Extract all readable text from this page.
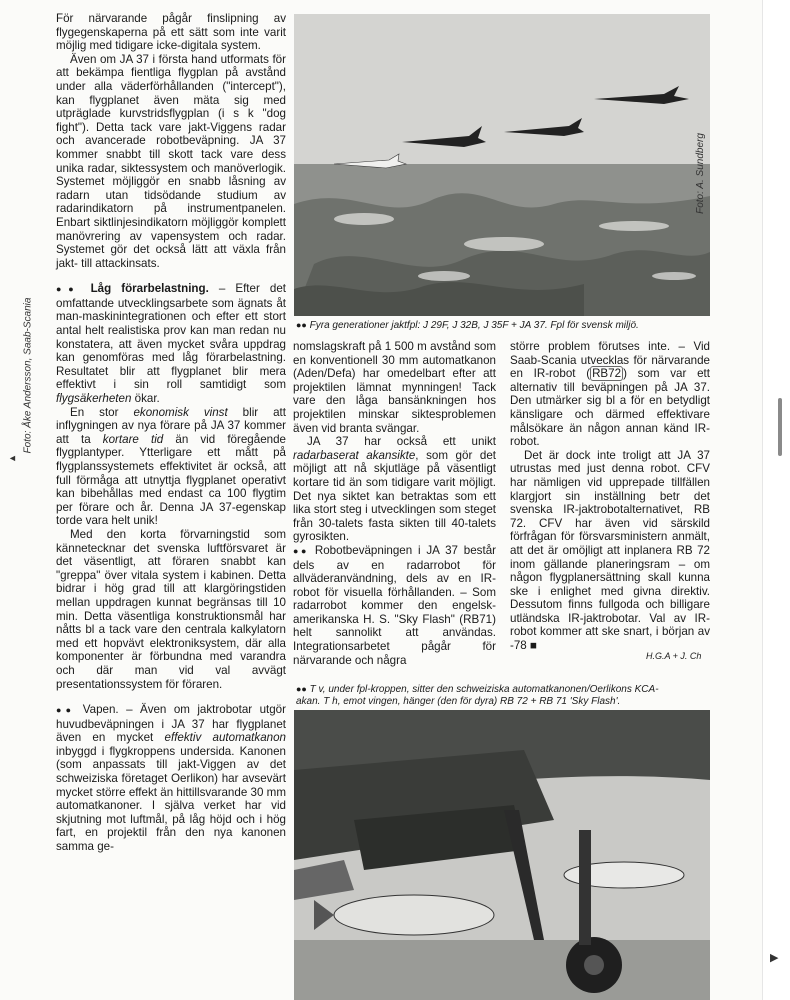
Foto: Åke Andersson, Saab-Scania
◄

För närvarande pågår finslipning av flygegenskaperna på ett sätt som inte varit möjlig med tidigare icke-digitala system.

Även om JA 37 i första hand utformats för att bekämpa fientliga flygplan på avstånd under alla väderförhållanden ("intercept"), kan flygplanet även mäta sig med utpräglade kurvstridsflygplan (i s k "dog fight"). Detta tack vare jakt-Viggens radar och avancerade robotbeväpning. JA 37 kommer snabbt till skott tack vare dess unika radar, siktessystem och manöverlogik. Systemet möjliggör en snabb låsning av radarn utan tidsödande studium av radarindikatorn på instrumentpanelen. Enbart siktlinjesindikatorn möjliggör komplett manövrering av vapensystem och radar. Systemet gör det också lätt att växla från jakt- till attackinsats.

●● Låg förarbelastning. – Efter det omfattande utvecklingsarbete som ägnats åt man-maskinintegrationen och efter ett stort antal helt realistiska prov kan man redan nu konstatera, att även mycket svåra uppdrag kan genomföras med låg förarbelastning. Resultatet blir att flygplanet blir mera effektivt i sin roll samtidigt som flygsäkerheten ökar.

En stor ekonomisk vinst blir att inflygningen av nya förare på JA 37 kommer att ta kortare tid än vid föregående flygplantyper. Ytterligare ett mått på flygplanssystemets effektivitet är också, att full förmåga att utnyttja flygplanet operativt kan bibehållas med endast ca 100 flygtim per förare och år. Denna JA 37-egenskap torde vara helt unik!

Med den korta förvarningstid som kännetecknar det svenska luftförsvaret är det väsentligt, att föraren snabbt kan "greppa" över vitala system i kabinen. Detta bidrar i hög grad till att klargöringstiden mellan uppdragen kunnat begränsas till 10 min. Detta väsentliga konstruktionsmål har nåtts bl a tack vare den centrala kalkylatorn med ett hopvävt elektroniksystem, där alla komponenter är förbundna med varandra och där man vid val avvägt presentationssystem för föraren.

●● Vapen. – Även om jaktrobotar utgör huvudbeväpningen i JA 37 har flygplanet även en mycket effektiv automatkanon inbyggd i flygkroppens undersida. Kanonen (som anpassats till jakt-Viggen av det schweiziska företaget Oerlikon) har avsevärt mycket större effekt än hittillsvarande 30 mm automatkanoner. I själva verket har vid skjutning mot luftmål, på låg höjd och i hög fart, en projektil från den nya kanonen samma ge-

Foto: A. Sundberg
●● Fyra generationer jaktfpl: J 29F, J 32B, J 35F + JA 37. Fpl för svensk miljö.

nomslagskraft på 1 500 m avstånd som en konventionell 30 mm automatkanon (Aden/Defa) har omedelbart efter att projektilen lämnat mynningen! Tack vare den låga bansänkningen hos projektilen minskar siktesproblemen även vid branta svängar.

JA 37 har också ett unikt radarbaserat akansikte, som gör det möjligt att nå skjutläge på väsentligt kortare tid än som tidigare varit möjligt. Det nya siktet kan betraktas som ett lika stort steg i utvecklingen som steget från 30-talets fasta sikten till 40-talets gyrosikten.

●● Robotbeväpningen i JA 37 består dels av en radarrobot för allväderanvändning, dels av en IR-robot för visuella förhållanden. – Som radarrobot kommer den engelsk-amerikanska H. S. "Sky Flash" (RB71) helt sannolikt att användas. Integrationsarbetet pågår för närvarande och några

större problem förutses inte. – Vid Saab-Scania utvecklas för närvarande en IR-robot ( RB72 ) som var ett alternativ till beväpningen på JA 37. Den utmärker sig bl a för en betydligt känsligare och därmed effektivare målsökare än någon annan känd IR-robot.

Det är dock inte troligt att JA 37 utrustas med just denna robot. CFV har nämligen vid upprepade tillfällen klargjort sin inställning betr det svenska IR-jaktrobotalternativet, RB 72. CFV har även vid särskild förfrågan för försvarsministern anmält, att det är omöjligt att inplanera RB 72 inom gällande planeringsram – om någon flygplanersättning skall kunna ske i enlighet med givna direktiv. Dessutom finns fullgoda och billigare utländska IR-jaktrobotar. Val av IR-robot kommer att ske snart, i början av -78 ■

H.G.A + J. Ch
●● T v, under fpl-kroppen, sitter den schweiziska automatkanonen/Oerlikons KCA-
akan. T h, emot vingen, hänger (den för dyra) RB 72 + RB 71 'Sky Flash'.
▶
